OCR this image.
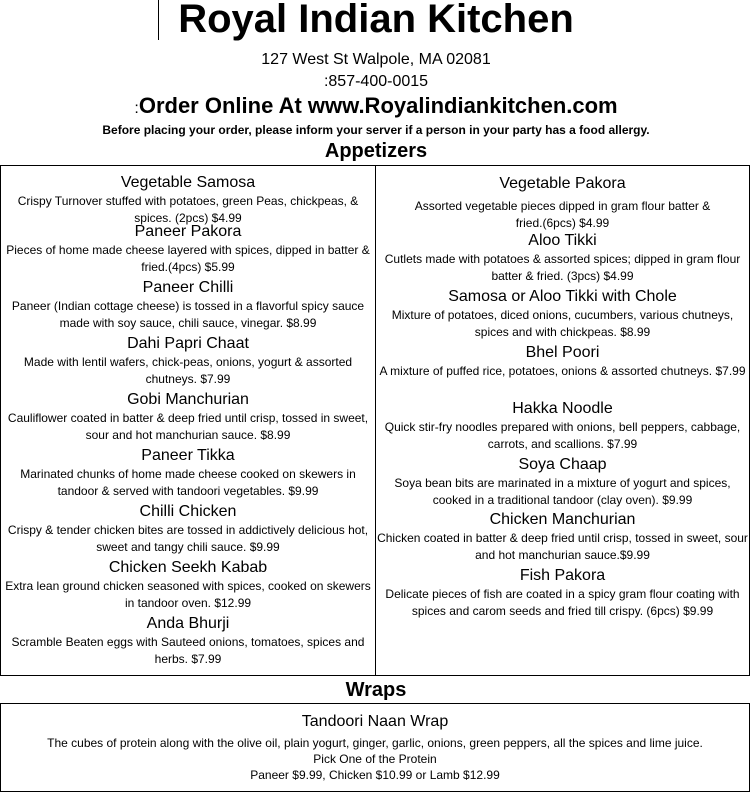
Royal Indian Kitchen
127 West St Walpole, MA 02081
:857-400-0015
:Order Online At www.Royalindiankitchen.com
Before placing your order, please inform your server if a person in your party has a food allergy.
Appetizers
Vegetable Samosa
Crispy Turnover stuffed with potatoes, green Peas, chickpeas, & spices. (2pcs) $4.99
Paneer Pakora
Pieces of home made cheese layered with spices, dipped in batter & fried.(4pcs) $5.99
Paneer Chilli
Paneer (Indian cottage cheese) is tossed in a flavorful spicy sauce made with soy sauce, chili sauce, vinegar. $8.99
Dahi Papri Chaat
Made with lentil wafers, chick-peas, onions, yogurt & assorted chutneys. $7.99
Gobi Manchurian
Cauliflower coated in batter & deep fried until crisp, tossed in sweet, sour and hot manchurian sauce. $8.99
Paneer Tikka
Marinated chunks of home made cheese cooked on skewers in tandoor & served with tandoori vegetables. $9.99
Chilli Chicken
Crispy & tender chicken bites are tossed in addictively delicious hot, sweet and tangy chili sauce. $9.99
Chicken Seekh Kabab
Extra lean ground chicken seasoned with spices, cooked on skewers in tandoor oven. $12.99
Anda Bhurji
Scramble Beaten eggs with Sauteed onions, tomatoes, spices and herbs. $7.99
Vegetable Pakora
Assorted vegetable pieces dipped in gram flour batter & fried.(6pcs) $4.99
Aloo Tikki
Cutlets made with potatoes & assorted spices; dipped in gram flour batter & fried. (3pcs) $4.99
Samosa or Aloo Tikki with Chole
Mixture of potatoes, diced onions, cucumbers, various chutneys, spices and with chickpeas. $8.99
Bhel Poori
A mixture of puffed rice, potatoes, onions & assorted chutneys. $7.99
Hakka Noodle
Quick stir-fry noodles prepared with onions, bell peppers, cabbage, carrots, and scallions. $7.99
Soya Chaap
Soya bean bits are marinated in a mixture of yogurt and spices, cooked in a traditional tandoor (clay oven). $9.99
Chicken Manchurian
Chicken coated in batter & deep fried until crisp, tossed in sweet, sour and hot manchurian sauce.$9.99
Fish Pakora
Delicate pieces of fish are coated in a spicy gram flour coating with spices and carom seeds and fried till crispy. (6pcs) $9.99
Wraps
Tandoori Naan Wrap
The cubes of protein along with the olive oil, plain yogurt, ginger, garlic, onions, green peppers, all the spices and lime juice.
Pick One of the Protein
Paneer $9.99, Chicken $10.99 or Lamb $12.99
